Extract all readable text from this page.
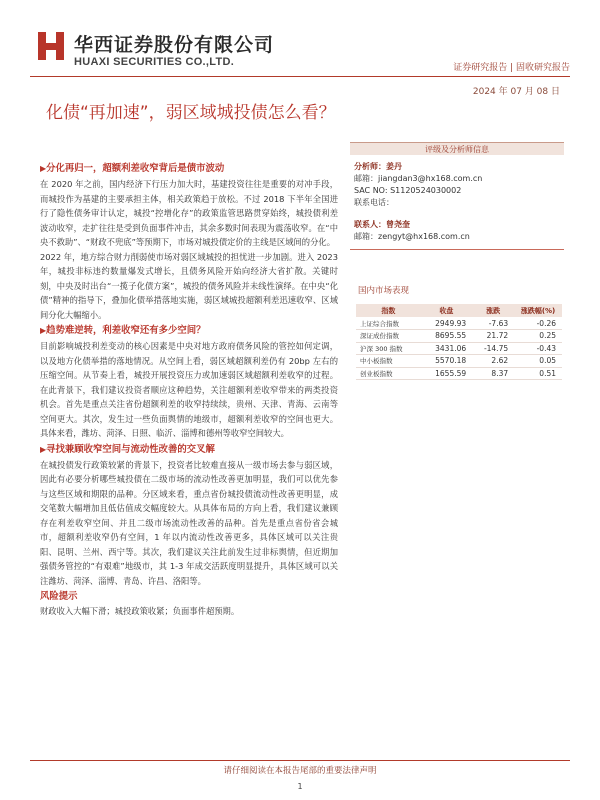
华西证券股份有限公司
HUAXI SECURITIES CO.,LTD.	证券研究报告 | 固收研究报告
2024 年 07 月 08 日
化债“再加速”，弱区域城投债怎么看？
▶分化再归一，超额利差收窄背后是债市波动

在 2020 年之前，国内经济下行压力加大时，基建投资往往是重要的对冲手段，而城投作为基建的主要承担主体，相关政策趋于放松。不过 2018 下半年全国进行了隐性债务审计认定，城投“控增化存”的政策监管思路贯穿始终，城投债利差波动收窄，走扩往往是受到负面事件冲击，其余多数时间表现为震荡收窄。在“中央不救助”、“财政不兜底”等预期下，市场对城投债定价的主线是区域间的分化。

2022 年，地方综合财力削弱使市场对弱区域城投的担忧进一步加剧。进入 2023 年，城投非标违约数量爆发式增长，且债务风险开始向经济大省扩散。关键时刻，中央及时出台“一揽子化债方案”，城投的债务风险并未线性演绎。在中央“化债”精神的指导下，叠加化债举措落地实施，弱区域城投超额利差迅速收窄、区域间分化大幅缩小。

▶趋势难逆转，利差收窄还有多少空间？

目前影响城投利差变动的核心因素是中央对地方政府债务风险的管控如何定调，以及地方化债举措的落地情况。从空间上看，弱区域超额利差仍有 20bp 左右的压缩空间。从节奏上看，城投开展投资压力或加速弱区域超额利差收窄的过程。在此背景下，我们建议投资者顺应这种趋势，关注超额利差收窄带来的两类投资机会。首先是重点关注省份超额利差的收窄持续续，贵州、天津、青海、云南等空间更大。其次，发生过一些负面舆情的地级市，超额利差收窄的空间也更大。具体来看，潍坊、菏泽、日照、临沂、淄博和德州等收窄空间较大。

▶寻找兼顾收窄空间与流动性改善的交叉解

在城投债发行政策较紧的背景下，投资者比较难直接从一级市场去参与弱区域，因此有必要分析哪些城投债在二级市场的流动性改善更加明显，我们可以优先参与这些区域和期限的品种。分区域来看，重点省份城投债流动性改善更明显，成交笔数大幅增加且低估值成交幅度较大。从具体布局的方向上看，我们建议兼顾存在利差收窄空间、并且二级市场流动性改善的品种。首先是重点省份省会城市，超额利差收窄仍有空间，1 年以内流动性改善更多，具体区域可以关注贵阳、昆明、兰州、西宁等。其次，我们建议关注此前发生过非标舆情，但近期加强债务管控的“有艰难”地级市，其 1-3 年成交活跃度明显提升，具体区域可以关注潍坊、菏泽、淄博、青岛、许昌、洛阳等。

风险提示

财政收入大幅下滑；城投政策收紧；负面事件超预期。

评级及分析师信息
分析师：姜丹
邮箱：jiangdan3@hx168.com.cn
SAC NO: S1120524030002
联系电话：
联系人：曾尧奎
邮箱：zengyt@hx168.com.cn
国内市场表现
指数	收盘	涨跌	涨跌幅(%)
上证综合指数	2949.93	-7.63	-0.26
深证成份指数	8695.55	21.72	0.25
沪深 300 指数	3431.06	-14.75	-0.43
中小板指数	5570.18	2.62	0.05
创业板指数	1655.59	8.37	0.51
请仔细阅读在本报告尾部的重要法律声明
1
